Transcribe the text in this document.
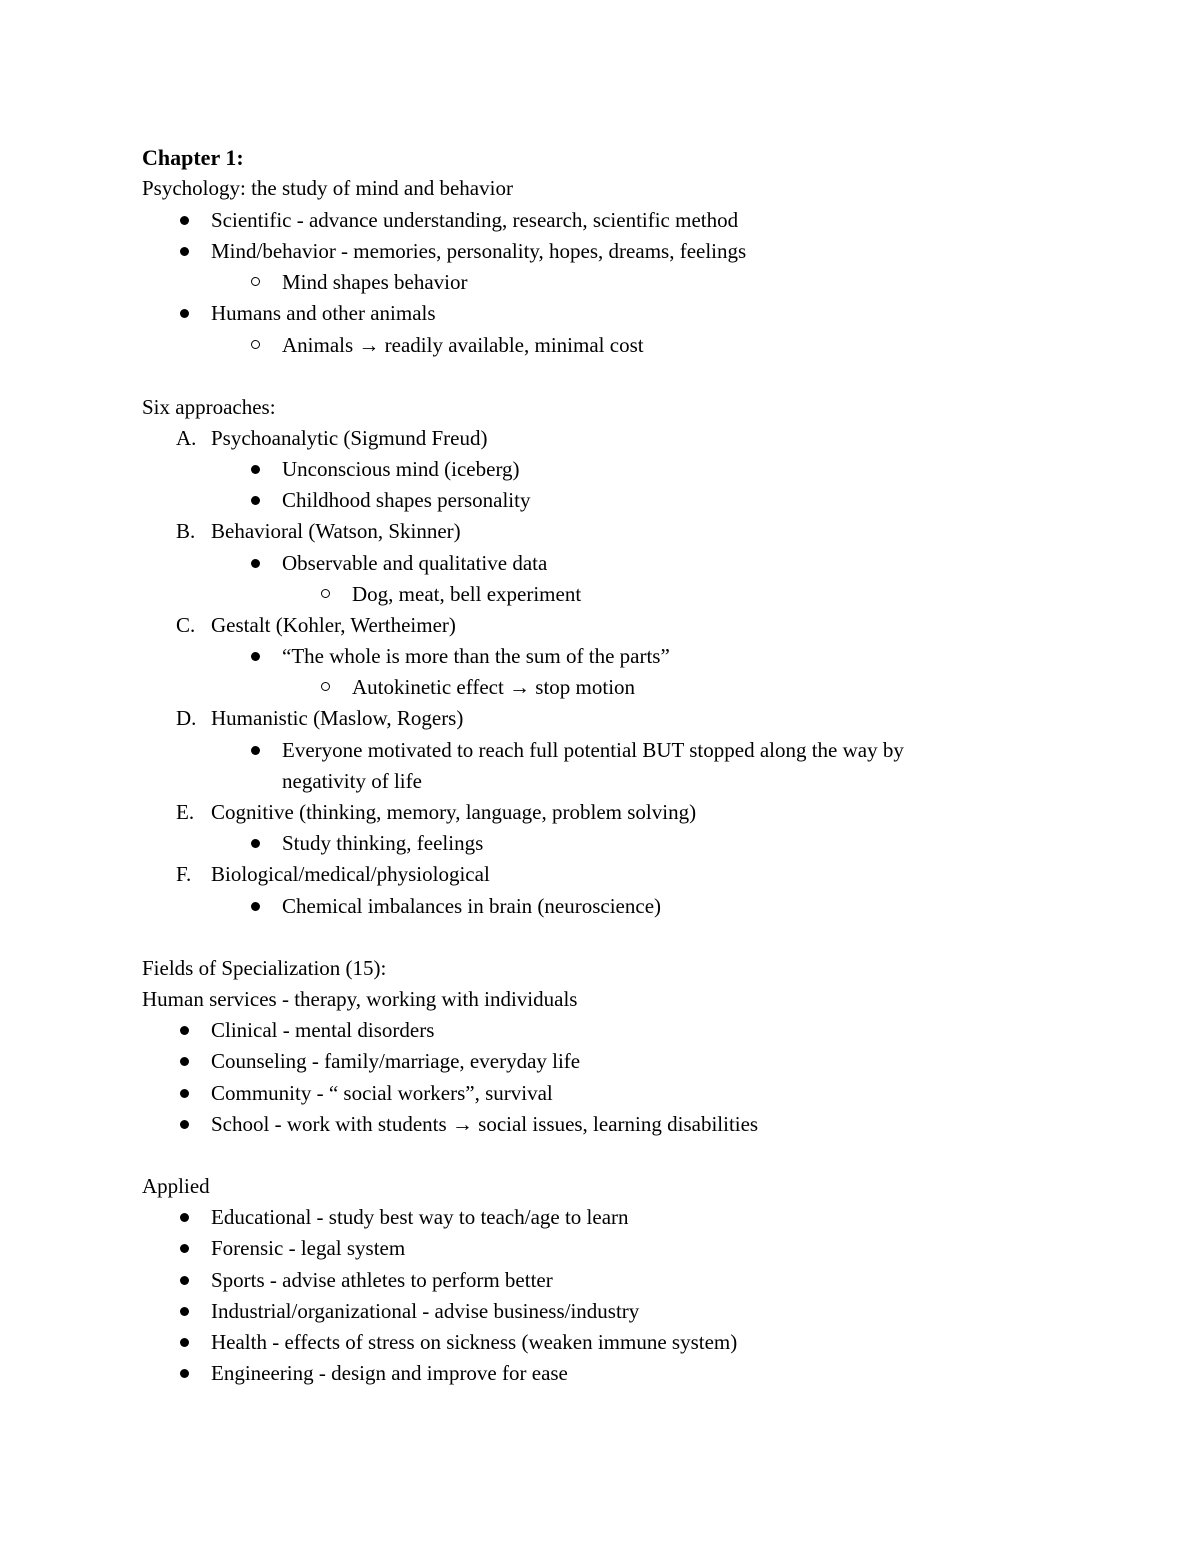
Chapter 1:
Psychology: the study of mind and behavior
Scientific - advance understanding, research, scientific method
Mind/behavior - memories, personality, hopes, dreams, feelings
Mind shapes behavior
Humans and other animals
Animals → readily available, minimal cost
Six approaches:
A. Psychoanalytic (Sigmund Freud)
Unconscious mind (iceberg)
Childhood shapes personality
B. Behavioral (Watson, Skinner)
Observable and qualitative data
Dog, meat, bell experiment
C. Gestalt (Kohler, Wertheimer)
“The whole is more than the sum of the parts”
Autokinetic effect → stop motion
D. Humanistic (Maslow, Rogers)
Everyone motivated to reach full potential BUT stopped along the way by
negativity of life
E. Cognitive (thinking, memory, language, problem solving)
Study thinking, feelings
F. Biological/medical/physiological
Chemical imbalances in brain (neuroscience)
Fields of Specialization (15):
Human services - therapy, working with individuals
Clinical - mental disorders
Counseling - family/marriage, everyday life
Community - “ social workers”, survival
School - work with students → social issues, learning disabilities
Applied
Educational - study best way to teach/age to learn
Forensic - legal system
Sports - advise athletes to perform better
Industrial/organizational - advise business/industry
Health - effects of stress on sickness (weaken immune system)
Engineering - design and improve for ease
